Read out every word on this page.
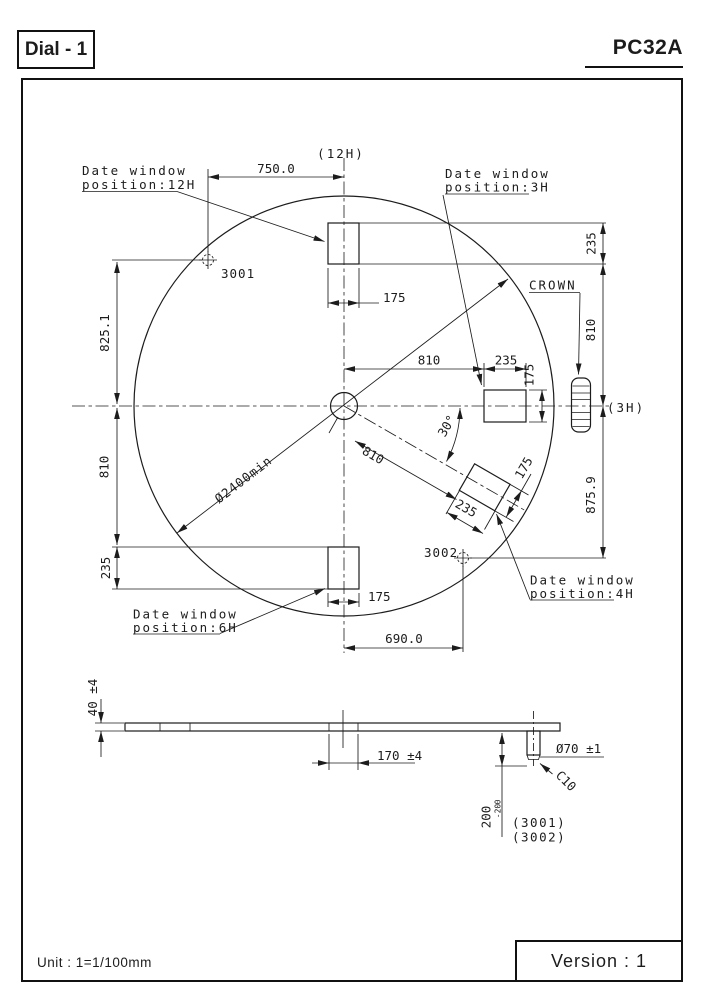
Dial - 1	PC32A
750.0
(12H)
Date window
position:12H
3001
Date window
position:3H
235
810
875.9
CROWN
(3H)
175
825.1
810
235
810	235
175
Ø2400min
30°
810
235
175
3002
Date window
position:4H
175
Date window
position:6H
690.0
40 ±4
170 ±4	Ø70 ±1
C10
200
0
-20
(3001)
(3002)
Unit : 1=1/100mm	Version : 1
